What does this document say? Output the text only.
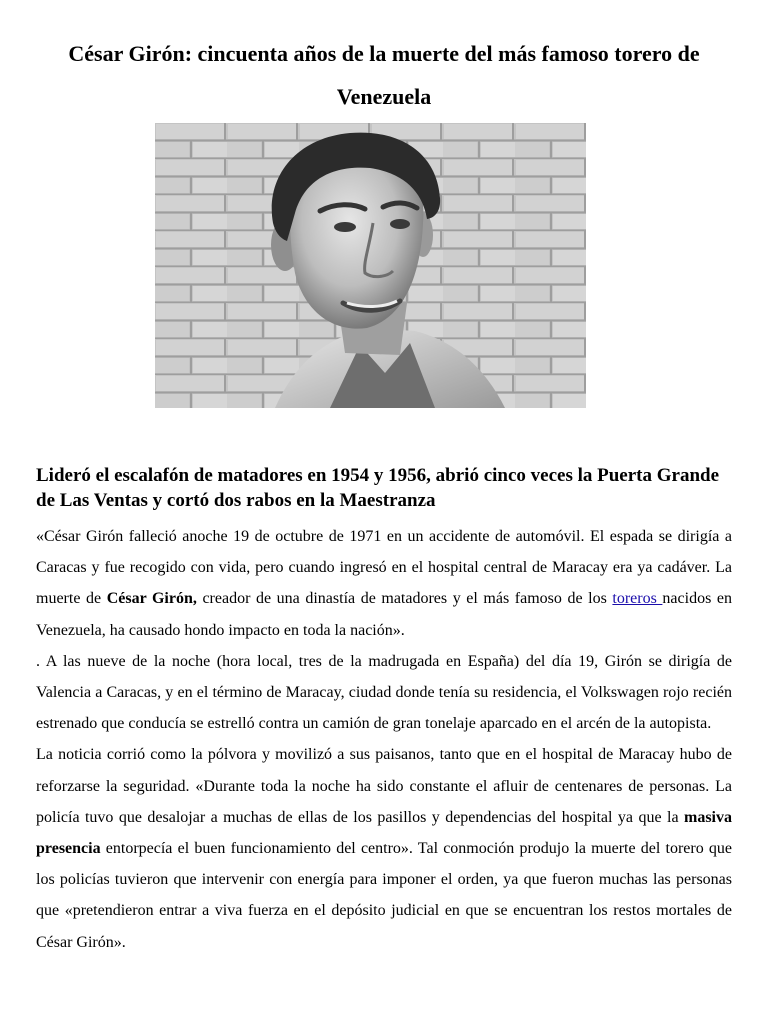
César Girón: cincuenta años de la muerte del más famoso torero de Venezuela
Lideró el escalafón de matadores en 1954 y 1956, abrió cinco veces la Puerta Grande de Las Ventas y cortó dos rabos en la Maestranza

«César Girón falleció anoche 19 de octubre de 1971 en un accidente de automóvil. El espada se dirigía a Caracas y fue recogido con vida, pero cuando ingresó en el hospital central de Maracay era ya cadáver. La muerte de César Girón, creador de una dinastía de matadores y el más famoso de los toreros nacidos en Venezuela, ha causado hondo impacto en toda la nación».

. A las nueve de la noche (hora local, tres de la madrugada en España) del día 19, Girón se dirigía de Valencia a Caracas, y en el término de Maracay, ciudad donde tenía su residencia, el Volkswagen rojo recién estrenado que conducía se estrelló contra un camión de gran tonelaje aparcado en el arcén de la autopista.

La noticia corrió como la pólvora y movilizó a sus paisanos, tanto que en el hospital de Maracay hubo de reforzarse la seguridad. «Durante toda la noche ha sido constante el afluir de centenares de personas. La policía tuvo que desalojar a muchas de ellas de los pasillos y dependencias del hospital ya que la masiva presencia entorpecía el buen funcionamiento del centro». Tal conmoción produjo la muerte del torero que los policías tuvieron que intervenir con energía para imponer el orden, ya que fueron muchas las personas que «pretendieron entrar a viva fuerza en el depósito judicial en que se encuentran los restos mortales de César Girón».
